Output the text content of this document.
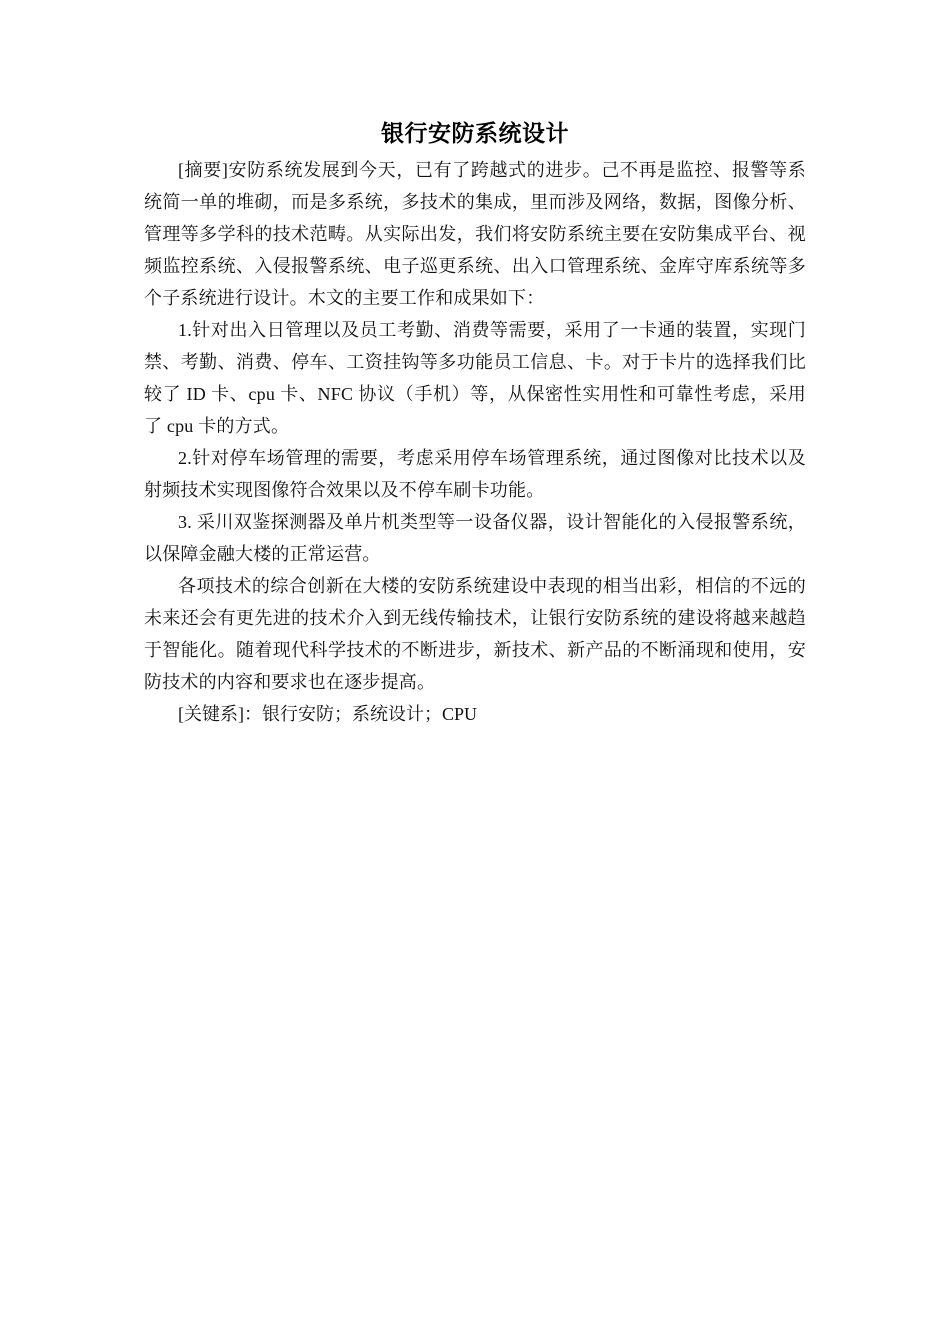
银行安防系统设计

[摘要]安防系统发展到今天，已有了跨越式的进步。己不再是监控、报警等系统简一单的堆砌，而是多系统，多技术的集成，里而涉及网络，数据，图像分析、管理等多学科的技术范畴。从实际出发，我们将安防系统主要在安防集成平台、视频监控系统、入侵报警系统、电子巡更系统、出入口管理系统、金库守库系统等多个子系统进行设计。木文的主要工作和成果如下：

1.针对出入日管理以及员工考勤、消费等需要，采用了一卡通的装置，实现门禁、考勤、消费、停车、工资挂钩等多功能员工信息、卡。对于卡片的选择我们比较了 ID 卡、cpu 卡、NFC 协议（手机）等，从保密性实用性和可靠性考虑，采用了 cpu 卡的方式。

2.针对停车场管理的需要，考虑采用停车场管理系统，通过图像对比技术以及射频技术实现图像符合效果以及不停车刷卡功能。

3. 采川双鉴探测器及单片机类型等一设备仪器，设计智能化的入侵报警系统，以保障金融大楼的正常运营。

各项技术的综合创新在大楼的安防系统建设中表现的相当出彩，相信的不远的未来还会有更先进的技术介入到无线传输技术，让银行安防系统的建设将越来越趋于智能化。随着现代科学技术的不断进步，新技术、新产品的不断涌现和使用，安防技术的内容和要求也在逐步提高。

[关键系]：银行安防；系统设计；CPU
